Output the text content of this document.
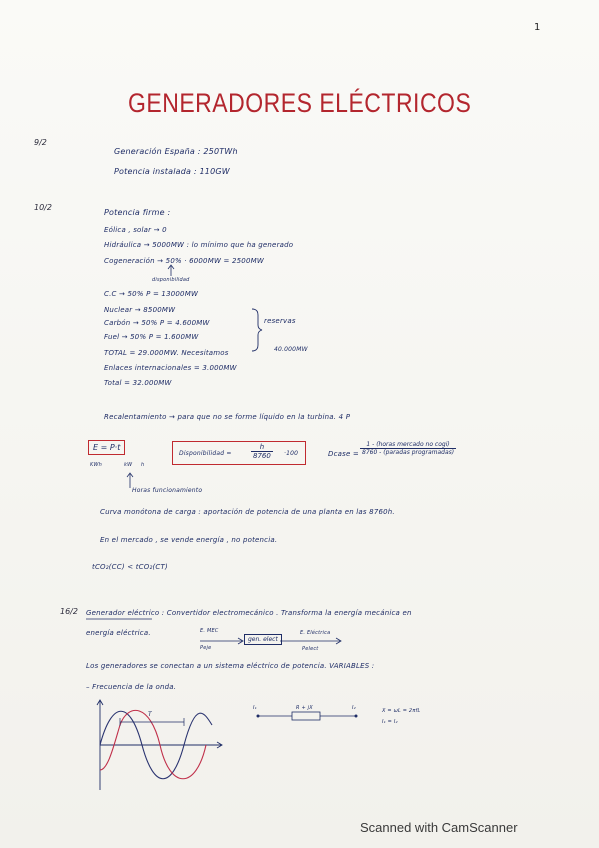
1
GENERADORES ELÉCTRICOS
9/2
Generación España : 250TWh
Potencia instalada : 110GW
10/2
Potencia firme :
Eólica , solar → 0
Hidráulica → 5000MW : lo mínimo que ha generado
Cogeneración → 50% · 6000MW = 2500MW
disponibilidad
C.C → 50% P = 13000MW
Nuclear → 8500MW
Carbón → 50% P = 4.600MW
Fuel → 50% P = 1.600MW
TOTAL = 29.000MW. Necesitamos	40.000MW
Enlaces internacionales = 3.000MW
Total = 32.000MW
reservas
Recalentamiento → para que no se forme líquido en la turbina. 4 P
E = P·t
KWh	kW h
Horas funcionamiento
Disponibilidad =	$\frac{h}{8760} \cdot 100$	Dcase =
1 - (horas mercado no cogi)
8760 - (paradas programadas)
Curva monótona de carga : aportación de potencia de una planta en las 8760h.
En el mercado , se vende energía , no potencia.
tCO₂(CC) < tCO₂(CT)
16/2 Generador eléctrico : Convertidor electromecánico . Transforma la energía mecánica en
energía eléctrica.	E. MEC
Peje
gen. elect
E. Eléctrica
Pelect
Los generadores se conectan a un sistema eléctrico de potencia. VARIABLES :
– Frecuencia de la onda.
I₁	R + jX	I₂	X = ωL = 2πfL
I₁ = I₂
T
Scanned with CamScanner
